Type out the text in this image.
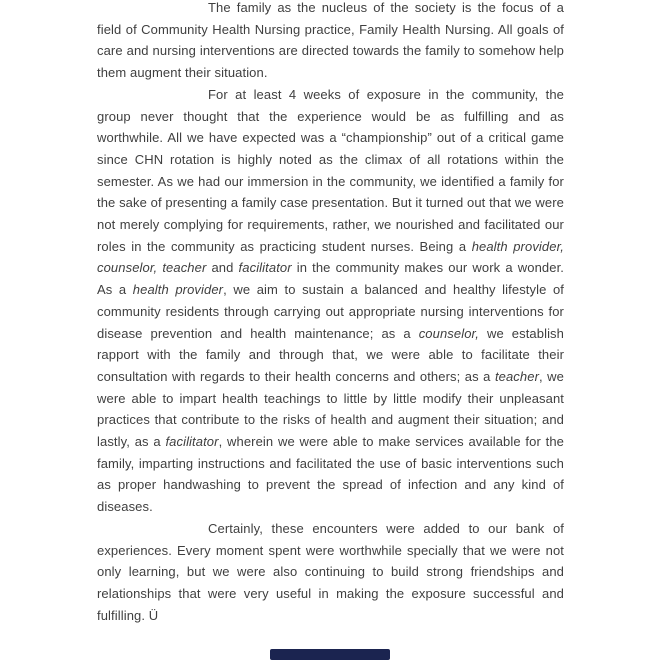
The family as the nucleus of the society is the focus of a field of Community Health Nursing practice, Family Health Nursing. All goals of care and nursing interventions are directed towards the family to somehow help them augment their situation.

For at least 4 weeks of exposure in the community, the group never thought that the experience would be as fulfilling and as worthwhile. All we have expected was a “championship” out of a critical game since CHN rotation is highly noted as the climax of all rotations within the semester. As we had our immersion in the community, we identified a family for the sake of presenting a family case presentation. But it turned out that we were not merely complying for requirements, rather, we nourished and facilitated our roles in the community as practicing student nurses. Being a health provider, counselor, teacher and facilitator in the community makes our work a wonder. As a health provider, we aim to sustain a balanced and healthy lifestyle of community residents through carrying out appropriate nursing interventions for disease prevention and health maintenance; as a counselor, we establish rapport with the family and through that, we were able to facilitate their consultation with regards to their health concerns and others; as a teacher, we were able to impart health teachings to little by little modify their unpleasant practices that contribute to the risks of health and augment their situation; and lastly, as a facilitator, wherein we were able to make services available for the family, imparting instructions and facilitated the use of basic interventions such as proper handwashing to prevent the spread of infection and any kind of diseases.

Certainly, these encounters were added to our bank of experiences. Every moment spent were worthwhile specially that we were not only learning, but we were also continuing to build strong friendships and relationships that were very useful in making the exposure successful and fulfilling. Ü
